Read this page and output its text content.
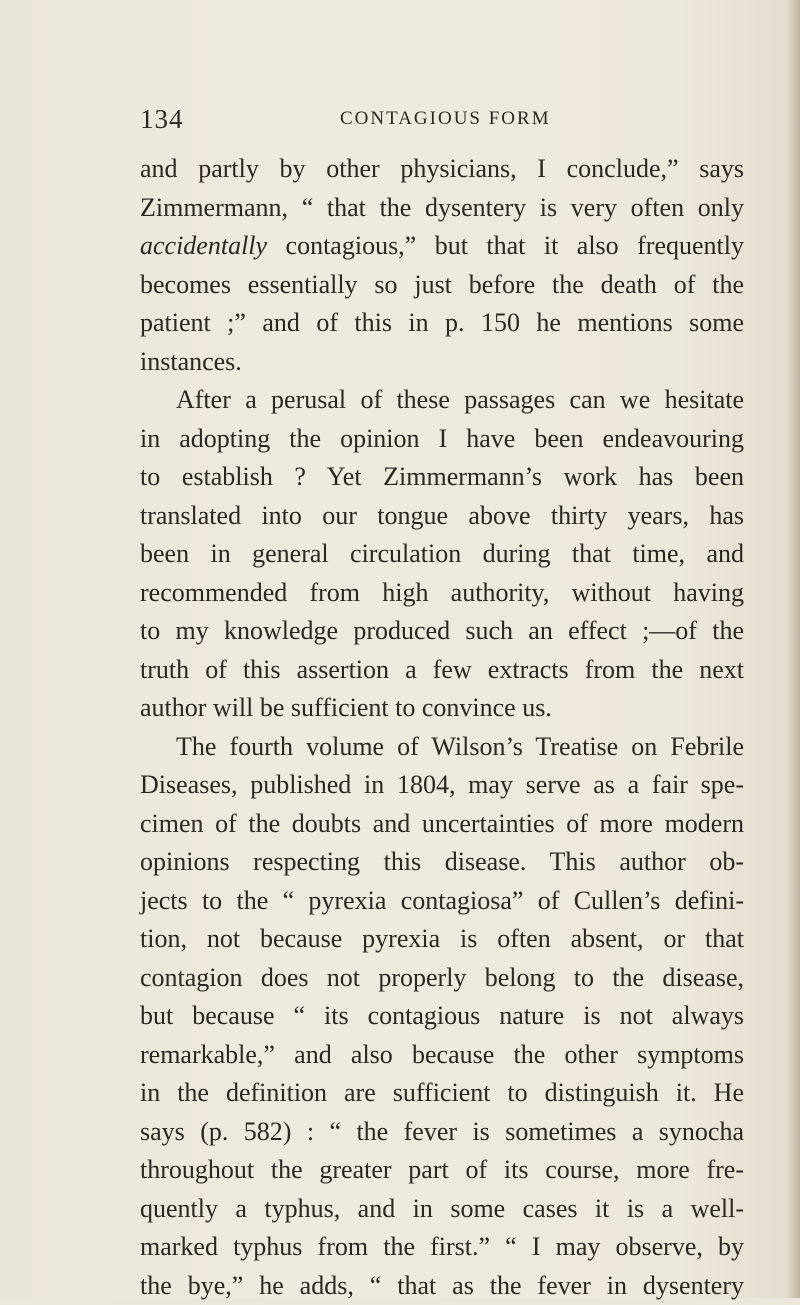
134	CONTAGIOUS FORM
and partly by other physicians, I conclude,” says
Zimmermann, “ that the dysentery is very often only
accidentally contagious,” but that it also frequently
becomes essentially so just before the death of the
patient ;” and of this in p. 150 he mentions some
instances.
After a perusal of these passages can we hesitate
in adopting the opinion I have been endeavouring
to establish ? Yet Zimmermann’s work has been
translated into our tongue above thirty years, has
been in general circulation during that time, and
recommended from high authority, without having
to my knowledge produced such an effect ;—of the
truth of this assertion a few extracts from the next
author will be sufficient to convince us.
The fourth volume of Wilson’s Treatise on Febrile
Diseases, published in 1804, may serve as a fair spe-
cimen of the doubts and uncertainties of more modern
opinions respecting this disease. This author ob-
jects to the “ pyrexia contagiosa” of Cullen’s defini-
tion, not because pyrexia is often absent, or that
contagion does not properly belong to the disease,
but because “ its contagious nature is not always
remarkable,” and also because the other symptoms
in the definition are sufficient to distinguish it. He
says (p. 582) : “ the fever is sometimes a synocha
throughout the greater part of its course, more fre-
quently a typhus, and in some cases it is a well-
marked typhus from the first.” “ I may observe, by
the bye,” he adds, “ that as the fever in dysentery
